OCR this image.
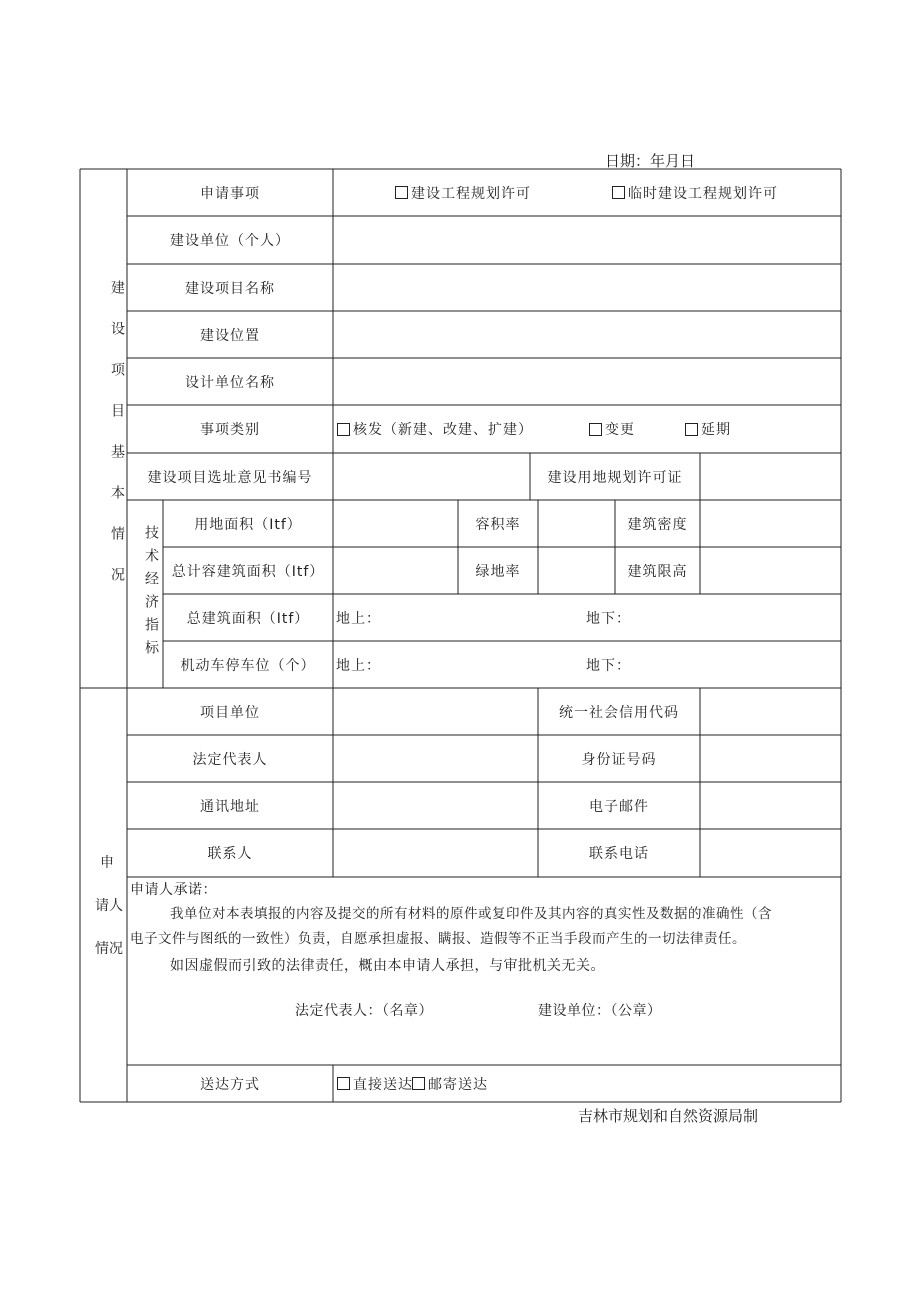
日期：年月日
建设项目基本情况
申
请人
情况
技术经济指标
申请事项	建设工程规划许可	临时建设工程规划许可
建设单位（个人）
建设项目名称
建设位置
设计单位名称
事项类别	核发（新建、改建、扩建）	变更	延期
建设项目选址意见书编号	建设用地规划许可证
用地面积（Itf）	容积率	建筑密度
总计容建筑面积（Itf）	绿地率	建筑限高
总建筑面积（Itf）	地上：	地下：
机动车停车位（个）	地上：	地下：
项目单位	统一社会信用代码
法定代表人	身份证号码
通讯地址	电子邮件
联系人	联系电话
申请人承诺：
我单位对本表填报的内容及提交的所有材料的原件或复印件及其内容的真实性及数据的准确性（含
电子文件与图纸的一致性）负责，自愿承担虚报、瞒报、造假等不正当手段而产生的一切法律责任。
如因虚假而引致的法律责任，概由本申请人承担，与审批机关无关。
法定代表人：（名章）	建设单位：（公章）
送达方式	直接送达 邮寄送达
吉林市规划和自然资源局制
